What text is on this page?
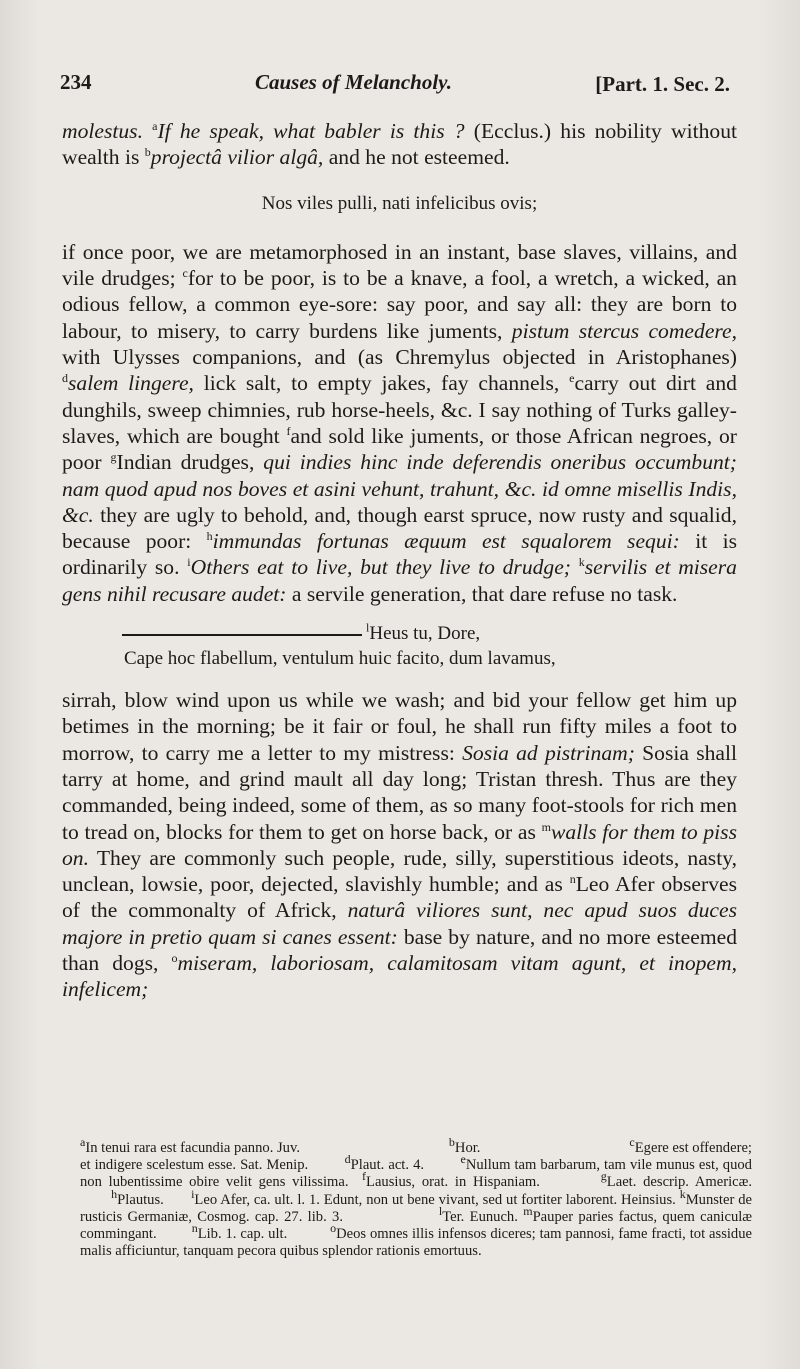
234	Causes of Melancholy.	[Part. 1. Sec. 2.

molestus. $^a$If he speak, what babler is this ? (Ecclus.) his nobility without wealth is $^b$projectâ vilior algâ, and he not esteemed.

Nos viles pulli, nati infelicibus ovis;

if once poor, we are metamorphosed in an instant, base slaves, villains, and vile drudges; $^c$for to be poor, is to be a knave, a fool, a wretch, a wicked, an odious fellow, a common eye-sore: say poor, and say all: they are born to labour, to misery, to carry burdens like juments, pistum stercus comedere, with Ulysses companions, and (as Chremylus objected in Aristophanes) $^d$salem lingere, lick salt, to empty jakes, fay channels, $^e$carry out dirt and dunghils, sweep chimnies, rub horse-heels, &c. I say nothing of Turks galley-slaves, which are bought $^f$and sold like juments, or those African negroes, or poor $^g$Indian drudges, qui indies hinc inde deferendis oneribus occumbunt; nam quod apud nos boves et asini vehunt, trahunt, &c. id omne misellis Indis, &c. they are ugly to behold, and, though earst spruce, now rusty and squalid, because poor: $^h$immundas fortunas æquum est squalorem sequi: it is ordinarily so. $^i$Others eat to live, but they live to drudge; $^k$servilis et misera gens nihil recusare audet: a servile generation, that dare refuse no task.

$^l$Heus tu, Dore,
Cape hoc flabellum, ventulum huic facito, dum lavamus,

sirrah, blow wind upon us while we wash; and bid your fellow get him up betimes in the morning; be it fair or foul, he shall run fifty miles a foot to morrow, to carry me a letter to my mistress: Sosia ad pistrinam; Sosia shall tarry at home, and grind mault all day long; Tristan thresh. Thus are they commanded, being indeed, some of them, as so many foot-stools for rich men to tread on, blocks for them to get on horse back, or as $^m$walls for them to piss on. They are commonly such people, rude, silly, superstitious ideots, nasty, unclean, lowsie, poor, dejected, slavishly humble; and as $^n$Leo Afer observes of the commonalty of Africk, naturâ viliores sunt, nec apud suos duces majore in pretio quam si canes essent: base by nature, and no more esteemed than dogs, $^o$miseram, laboriosam, calamitosam vitam agunt, et inopem, infelicem;

$^a$In tenui rara est facundia panno. Juv.	$^b$Hor.	$^c$Egere est offendere;
et indigere scelestum esse. Sat. Menip.	$^d$Plaut. act. 4.	$^e$Nullum tam barbarum, tam vile munus est, quod non lubentissime obire velit gens vilissima. $^f$Lausius, orat. in Hispaniam.	$^g$Laet. descrip. Americæ.         $^h$Plautus. $^i$Leo Afer, ca. ult. l. 1. Edunt, non ut bene vivant, sed ut fortiter laborent. Heinsius. $^k$Munster de rusticis Germaniæ, Cosmog. cap. 27. lib. 3.	$^l$Ter. Eunuch. $^m$Pauper paries factus, quem caniculæ commingant.	$^n$Lib. 1. cap. ult.	$^o$Deos omnes illis infensos diceres; tam pannosi, fame fracti, tot assidue malis afficiuntur, tanquam pecora quibus splendor rationis emortuus.
